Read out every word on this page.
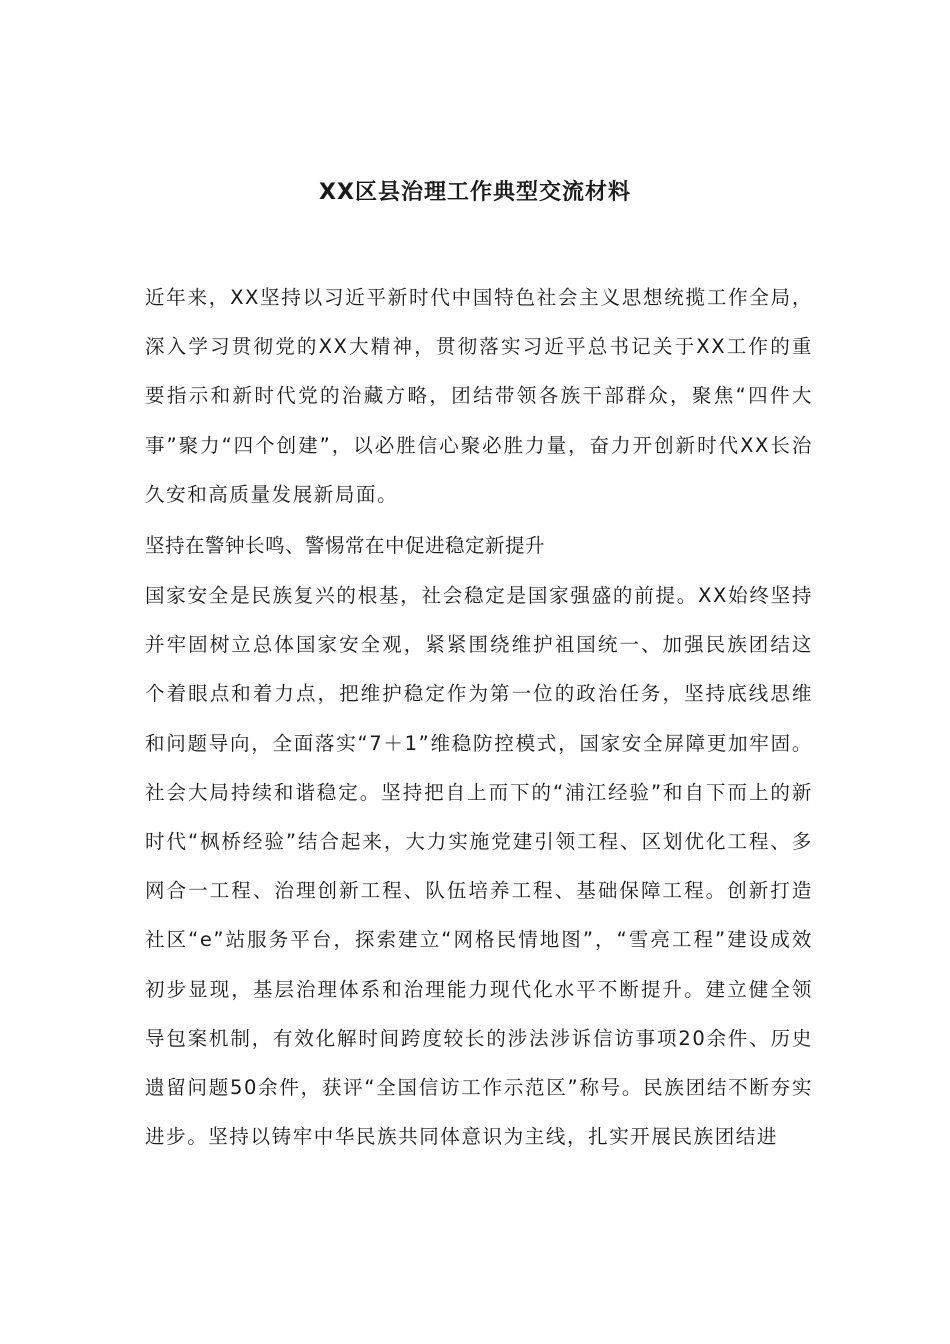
XX区县治理工作典型交流材料

近年来，XX坚持以习近平新时代中国特色社会主义思想统揽工作全局，深入学习贯彻党的XX大精神，贯彻落实习近平总书记关于XX工作的重要指示和新时代党的治藏方略，团结带领各族干部群众，聚焦“四件大事”聚力“四个创建”，以必胜信心聚必胜力量，奋力开创新时代XX长治久安和高质量发展新局面。

坚持在警钟长鸣、警惕常在中促进稳定新提升

国家安全是民族复兴的根基，社会稳定是国家强盛的前提。XX始终坚持并牢固树立总体国家安全观，紧紧围绕维护祖国统一、加强民族团结这个着眼点和着力点，把维护稳定作为第一位的政治任务，坚持底线思维和问题导向，全面落实“7＋1”维稳防控模式，国家安全屏障更加牢固。社会大局持续和谐稳定。坚持把自上而下的“浦江经验”和自下而上的新时代“枫桥经验”结合起来，大力实施党建引领工程、区划优化工程、多网合一工程、治理创新工程、队伍培养工程、基础保障工程。创新打造社区“e”站服务平台，探索建立“网格民情地图”，“雪亮工程”建设成效初步显现，基层治理体系和治理能力现代化水平不断提升。建立健全领导包案机制，有效化解时间跨度较长的涉法涉诉信访事项20余件、历史遗留问题50余件，获评“全国信访工作示范区”称号。民族团结不断夯实进步。坚持以铸牢中华民族共同体意识为主线，扎实开展民族团结进
